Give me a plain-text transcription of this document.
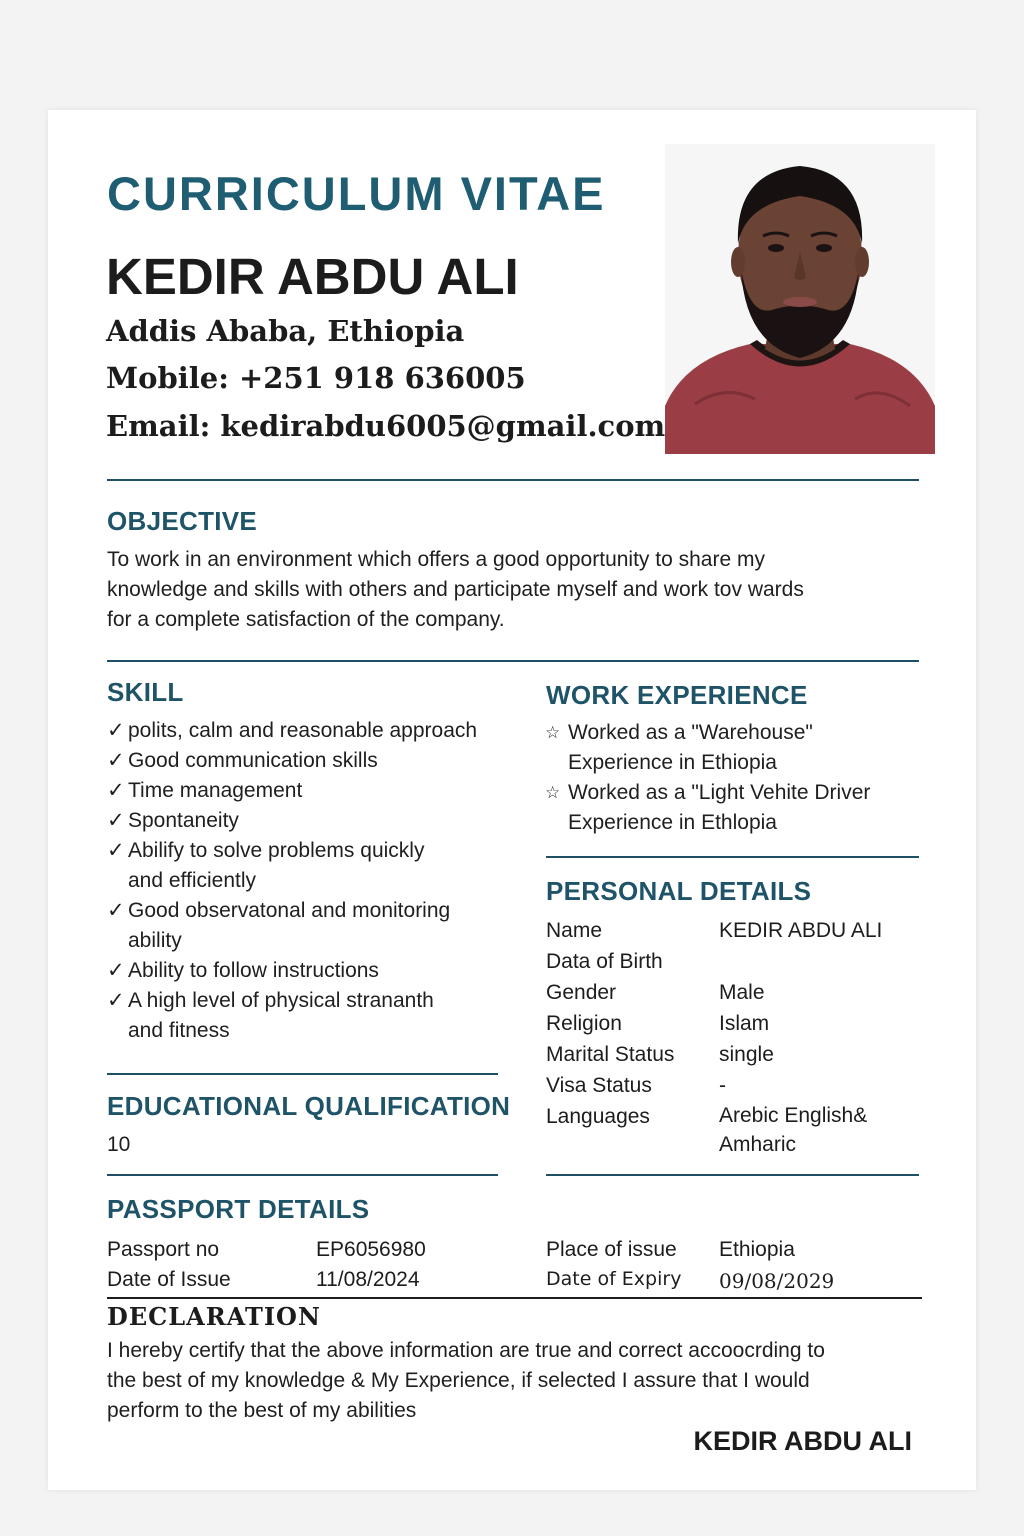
CURRICULUM VITAE
KEDIR ABDU ALI
Addis Ababa, Ethiopia
Mobile: +251 918 636005
Email: kedirabdu6005@gmail.com
OBJECTIVE
To work in an environment which offers a good opportunity to share my
knowledge and skills with others and participate myself and work tov wards
for a complete satisfaction of the company.
SKILL
✓ polits, calm and reasonable approach
✓ Good communication skills
✓ Time management
✓ Spontaneity
✓ Abilify to solve problems quickly
and efficiently
✓ Good observatonal and monitoring
ability
✓ Ability to follow instructions
✓ A high level of physical strananth
and fitness
EDUCATIONAL QUALIFICATION
10
WORK EXPERIENCE
☆ Worked as a "Warehouse"
Experience in Ethiopia
☆ Worked as a "Light Vehite Driver
Experience in Ethlopia
PERSONAL DETAILS
Name	KEDIR ABDU ALI
Data of Birth
Gender	Male
Religion	Islam
Marital Status	single
Visa Status	-
Languages	Arebic English&
Amharic
PASSPORT DETAILS
Passport no	EP6056980
Date of Issue	11/08/2024
Place of issue	Ethiopia
Date of Expiry	09/08/2029
DECLARATION
I hereby certify that the above information are true and correct accoocrding to
the best of my knowledge & My Experience, if selected I assure that I would
perform to the best of my abilities
KEDIR ABDU ALI
